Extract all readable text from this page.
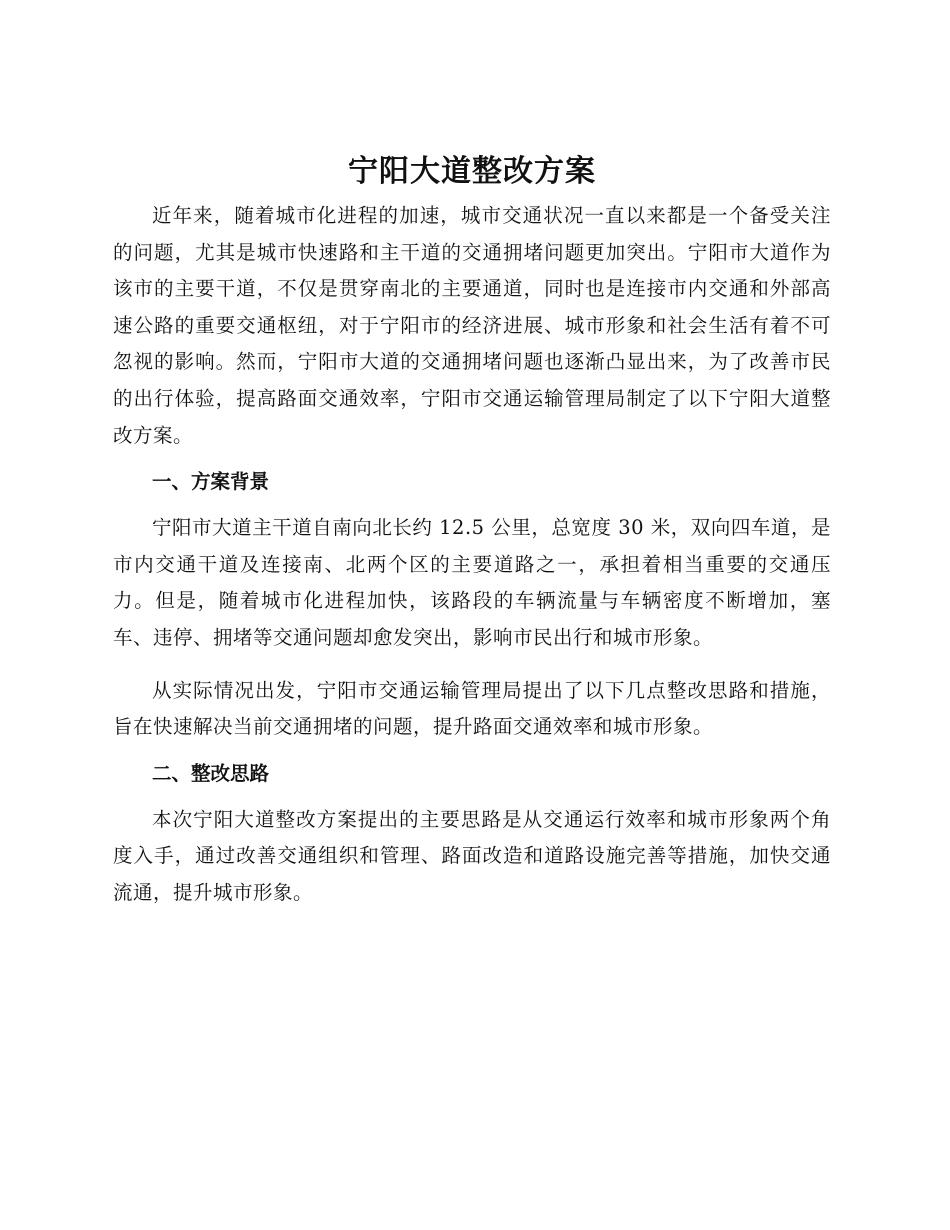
宁阳大道整改方案

近年来，随着城市化进程的加速，城市交通状况一直以来都是一个备受关注的问题，尤其是城市快速路和主干道的交通拥堵问题更加突出。宁阳市大道作为该市的主要干道，不仅是贯穿南北的主要通道，同时也是连接市内交通和外部高速公路的重要交通枢纽，对于宁阳市的经济进展、城市形象和社会生活有着不可忽视的影响。然而，宁阳市大道的交通拥堵问题也逐渐凸显出来，为了改善市民的出行体验，提高路面交通效率，宁阳市交通运输管理局制定了以下宁阳大道整改方案。

一、方案背景

宁阳市大道主干道自南向北长约 12.5 公里，总宽度 30 米，双向四车道，是市内交通干道及连接南、北两个区的主要道路之一，承担着相当重要的交通压力。但是，随着城市化进程加快，该路段的车辆流量与车辆密度不断增加，塞车、违停、拥堵等交通问题却愈发突出，影响市民出行和城市形象。

从实际情况出发，宁阳市交通运输管理局提出了以下几点整改思路和措施，旨在快速解决当前交通拥堵的问题，提升路面交通效率和城市形象。

二、整改思路

本次宁阳大道整改方案提出的主要思路是从交通运行效率和城市形象两个角度入手，通过改善交通组织和管理、路面改造和道路设施完善等措施，加快交通流通，提升城市形象。
